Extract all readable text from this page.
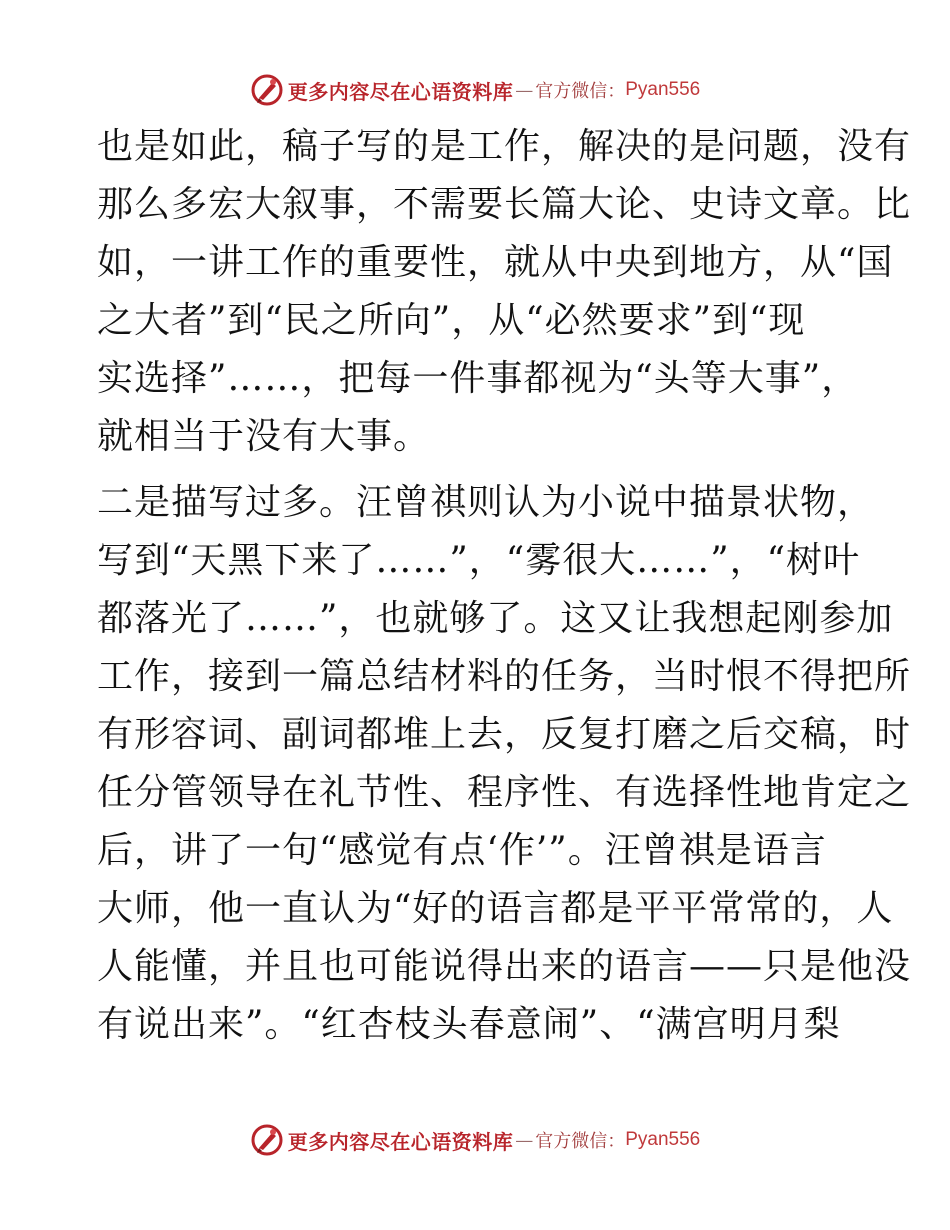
更多内容尽在心语资料库 — 官方微信： Pyan556
也是如此，稿子写的是工作，解决的是问题，没有
那么多宏大叙事，不需要长篇大论、史诗文章。比
如，一讲工作的重要性，就从中央到地方，从“国
之大者”到“民之所向”，从“必然要求”到“现
实选择”……，把每一件事都视为“头等大事”，
就相当于没有大事。
二是描写过多。汪曾祺则认为小说中描景状物，
写到“天黑下来了……”，“雾很大……”，“树叶
都落光了……”，也就够了。这又让我想起刚参加
工作，接到一篇总结材料的任务，当时恨不得把所
有形容词、副词都堆上去，反复打磨之后交稿，时
任分管领导在礼节性、程序性、有选择性地肯定之
后，讲了一句“感觉有点‘作’”。汪曾祺是语言
大师，他一直认为“好的语言都是平平常常的，人
人能懂，并且也可能说得出来的语言——只是他没
有说出来”。“红杏枝头春意闹”、“满宫明月梨
更多内容尽在心语资料库 — 官方微信： Pyan556
